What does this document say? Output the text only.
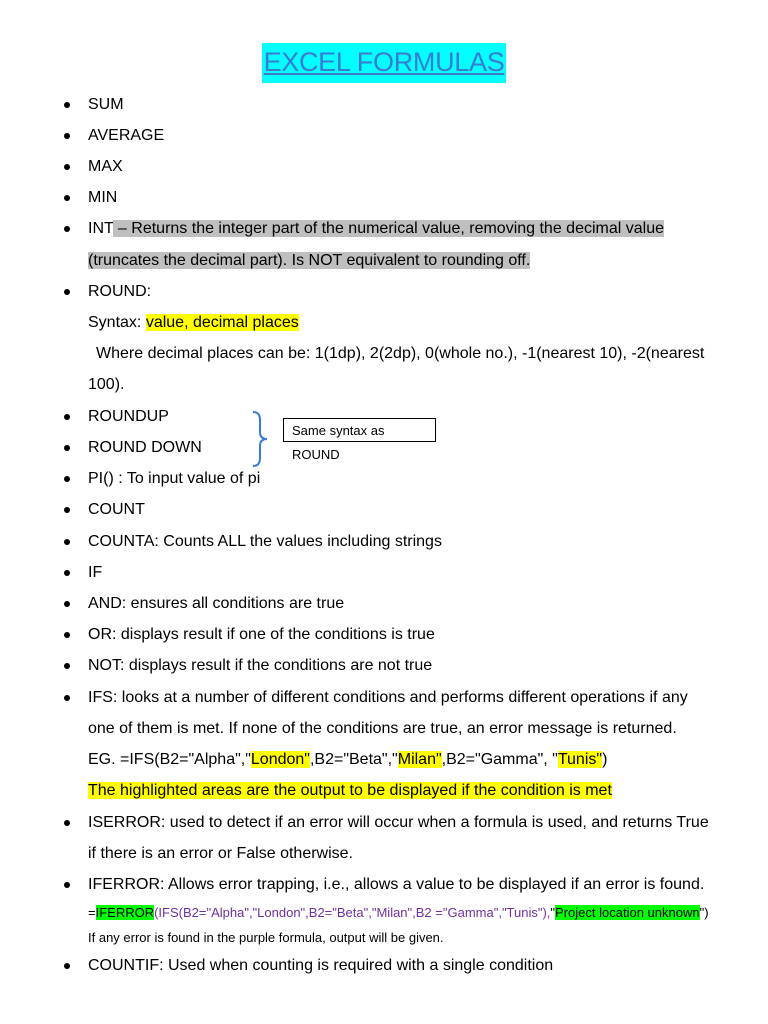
EXCEL FORMULAS
SUM
AVERAGE
MAX
MIN
INT – Returns the integer part of the numerical value, removing the decimal value
(truncates the decimal part). Is NOT equivalent to rounding off.
ROUND:
Syntax: value, decimal places
Where decimal places can be: 1(1dp), 2(2dp), 0(whole no.), -1(nearest 10), -2(nearest
100).
ROUNDUP
ROUND DOWN
Same syntax as ROUND
PI() : To input value of pi
COUNT
COUNTA: Counts ALL the values including strings
IF
AND: ensures all conditions are true
OR: displays result if one of the conditions is true
NOT: displays result if the conditions are not true
IFS: looks at a number of different conditions and performs different operations if any
one of them is met. If none of the conditions are true, an error message is returned.
EG. =IFS(B2="Alpha","London",B2="Beta","Milan",B2="Gamma", "Tunis")
The highlighted areas are the output to be displayed if the condition is met
ISERROR: used to detect if an error will occur when a formula is used, and returns True
if there is an error or False otherwise.
IFERROR: Allows error trapping, i.e., allows a value to be displayed if an error is found.
=IFERROR(IFS(B2="Alpha","London",B2="Beta","Milan",B2 ="Gamma","Tunis"),"Project location unknown")
If any error is found in the purple formula, output will be given.
COUNTIF: Used when counting is required with a single condition
